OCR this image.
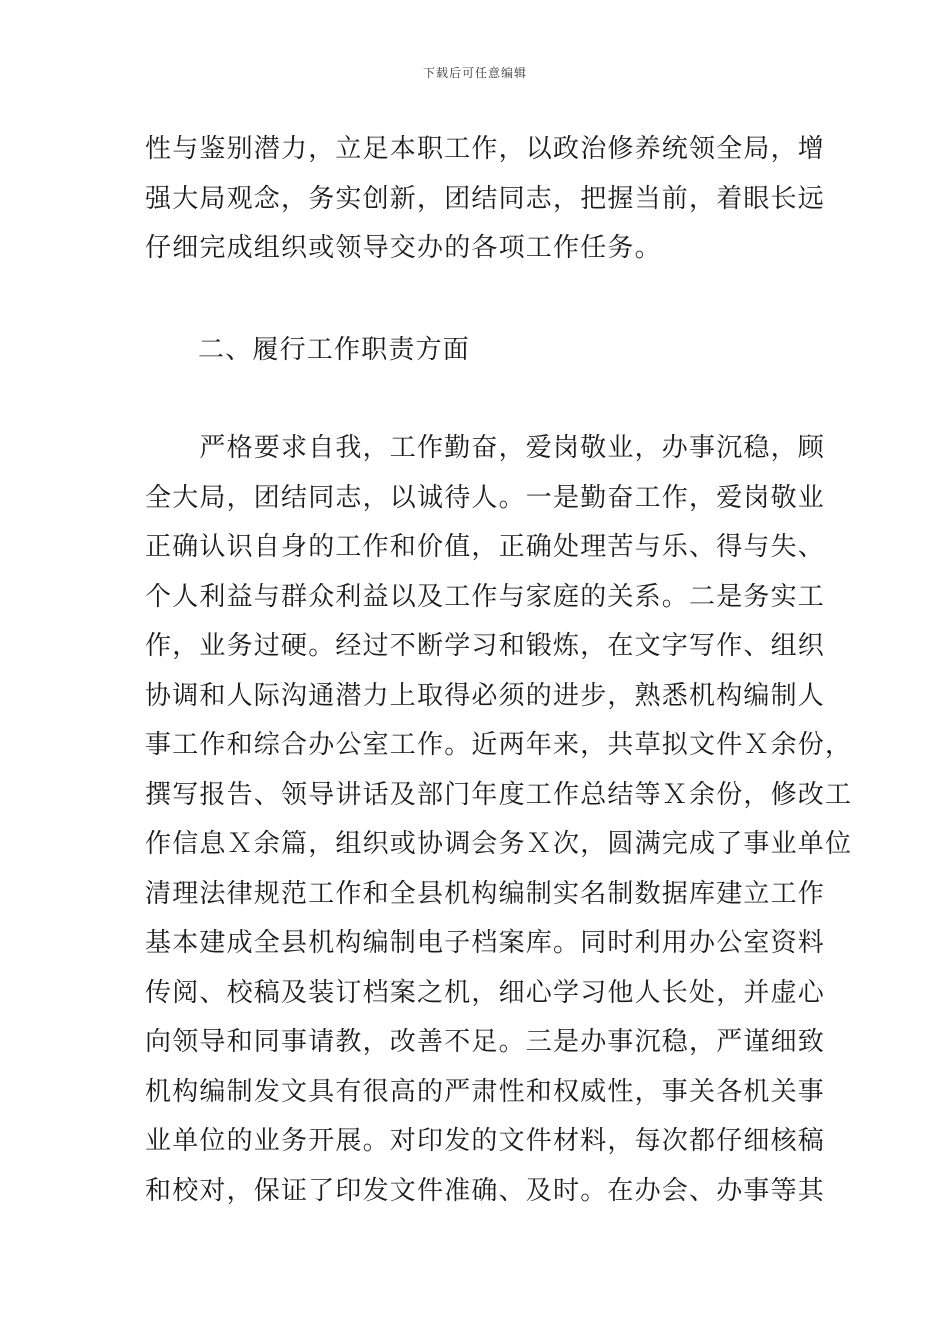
下载后可任意编辑
性与鉴别潜力，立足本职工作，以政治修养统领全局，增
强大局观念，务实创新，团结同志，把握当前，着眼长远
仔细完成组织或领导交办的各项工作任务。
二、履行工作职责方面
　　严格要求自我，工作勤奋，爱岗敬业，办事沉稳，顾
全大局，团结同志，以诚待人。一是勤奋工作，爱岗敬业
正确认识自身的工作和价值，正确处理苦与乐、得与失、
个人利益与群众利益以及工作与家庭的关系。二是务实工
作，业务过硬。经过不断学习和锻炼，在文字写作、组织
协调和人际沟通潜力上取得必须的进步，熟悉机构编制人
事工作和综合办公室工作。近两年来，共草拟文件Ｘ余份，
撰写报告、领导讲话及部门年度工作总结等Ｘ余份，修改工
作信息Ｘ余篇，组织或协调会务Ｘ次，圆满完成了事业单位
清理法律规范工作和全县机构编制实名制数据库建立工作
基本建成全县机构编制电子档案库。同时利用办公室资料
传阅、校稿及装订档案之机，细心学习他人长处，并虚心
向领导和同事请教，改善不足。三是办事沉稳，严谨细致
机构编制发文具有很高的严肃性和权威性，事关各机关事
业单位的业务开展。对印发的文件材料，每次都仔细核稿
和校对，保证了印发文件准确、及时。在办会、办事等其
